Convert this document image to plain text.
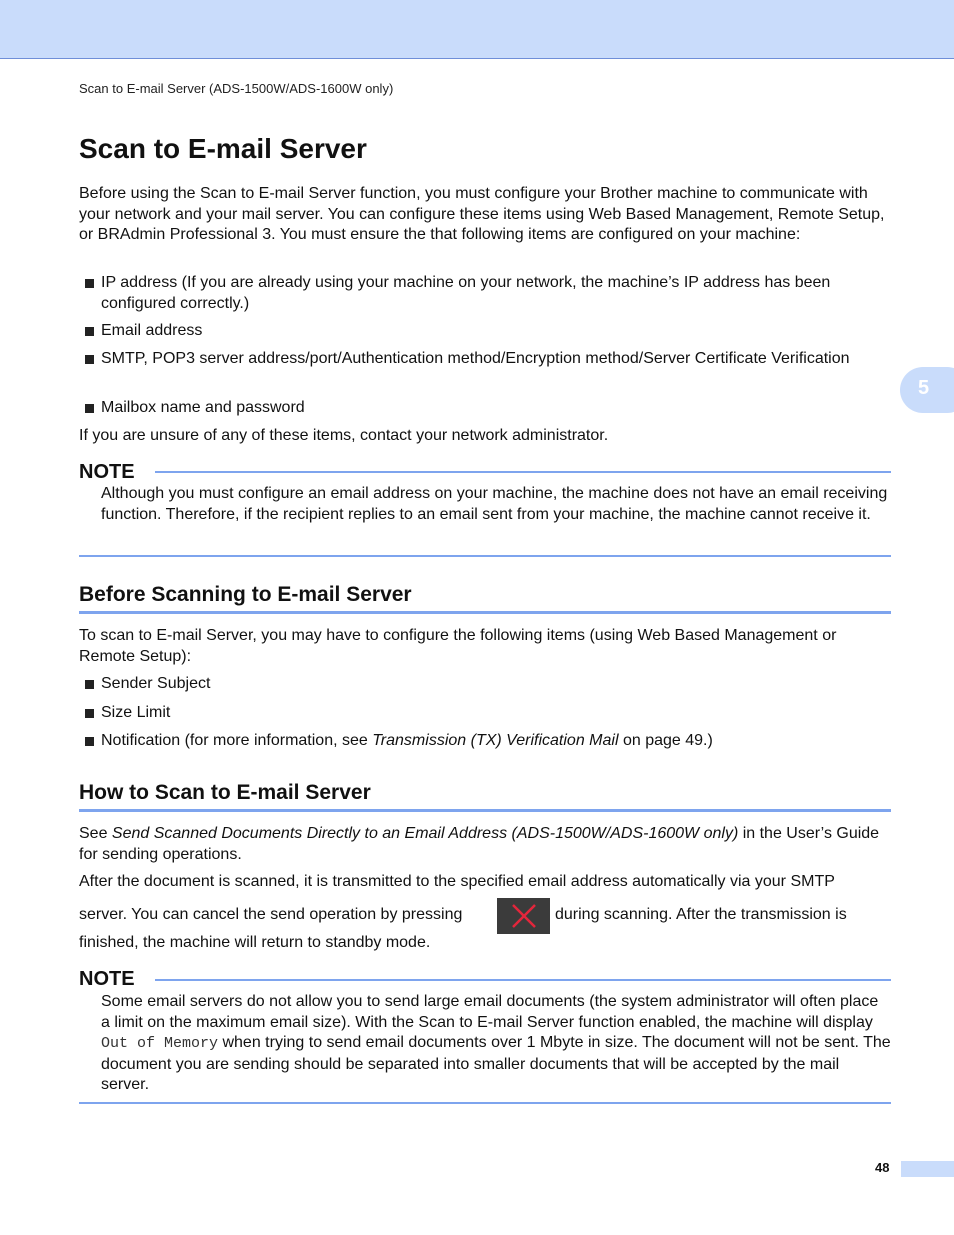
Scan to E-mail Server (ADS-1500W/ADS-1600W only)
Scan to E-mail Server

Before using the Scan to E-mail Server function, you must configure your Brother machine to communicate with your network and your mail server. You can configure these items using Web Based Management, Remote Setup, or BRAdmin Professional 3. You must ensure the that following items are configured on your machine:

IP address (If you are already using your machine on your network, the machine’s IP address has been configured correctly.)
Email address
SMTP, POP3 server address/port/Authentication method/Encryption method/Server Certificate Verification
Mailbox name and password

If you are unsure of any of these items, contact your network administrator.

NOTE
Although you must configure an email address on your machine, the machine does not have an email receiving function. Therefore, if the recipient replies to an email sent from your machine, the machine cannot receive it.
Before Scanning to E-mail Server

To scan to E-mail Server, you may have to configure the following items (using Web Based Management or Remote Setup):

Sender Subject
Size Limit
Notification (for more information, see Transmission (TX) Verification Mail on page 49.)
How to Scan to E-mail Server

See Send Scanned Documents Directly to an Email Address (ADS-1500W/ADS-1600W only) in the User’s Guide for sending operations.

After the document is scanned, it is transmitted to the specified email address automatically via your SMTP

server. You can cancel the send operation by pressing	during scanning. After the transmission is

finished, the machine will return to standby mode.

NOTE
Some email servers do not allow you to send large email documents (the system administrator will often place a limit on the maximum email size). With the Scan to E-mail Server function enabled, the machine will display Out of Memory when trying to send email documents over 1 Mbyte in size. The document will not be sent. The document you are sending should be separated into smaller documents that will be accepted by the mail server.
5
48
